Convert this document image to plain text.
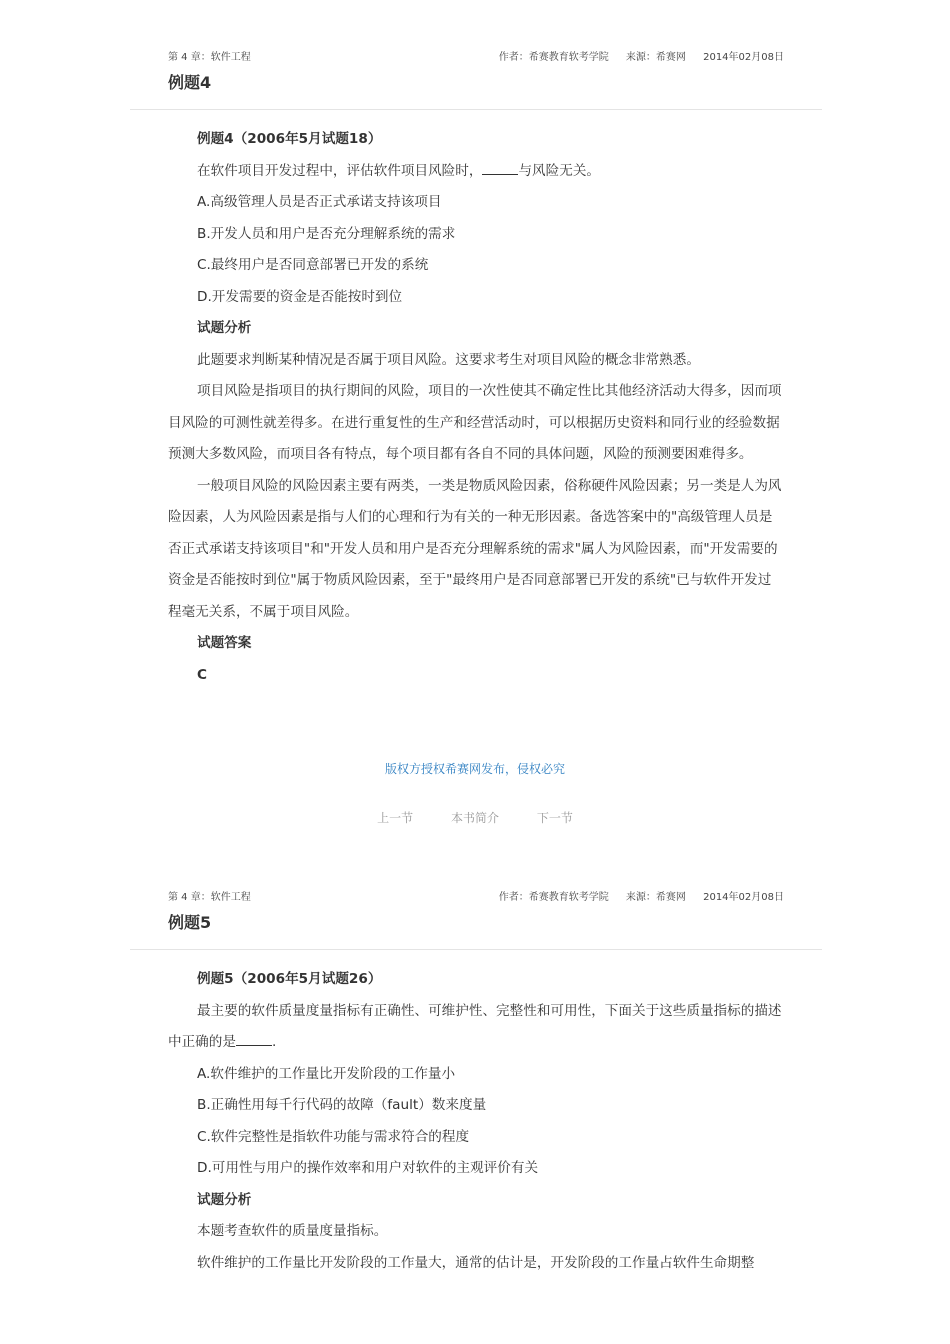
第 4 章：软件工程	作者：希赛教育软考学院 来源：希赛网 2014年02月08日
例题4

例题4（2006年5月试题18）

在软件项目开发过程中，评估软件项目风险时，	与风险无关。

A.高级管理人员是否正式承诺支持该项目

B.开发人员和用户是否充分理解系统的需求

C.最终用户是否同意部署已开发的系统

D.开发需要的资金是否能按时到位

试题分析

此题要求判断某种情况是否属于项目风险。这要求考生对项目风险的概念非常熟悉。

项目风险是指项目的执行期间的风险，项目的一次性使其不确定性比其他经济活动大得多，因而项目风险的可测性就差得多。在进行重复性的生产和经营活动时，可以根据历史资料和同行业的经验数据预测大多数风险，而项目各有特点，每个项目都有各自不同的具体问题，风险的预测要困难得多。

一般项目风险的风险因素主要有两类，一类是物质风险因素，俗称硬件风险因素；另一类是人为风险因素，人为风险因素是指与人们的心理和行为有关的一种无形因素。备选答案中的"高级管理人员是否正式承诺支持该项目"和"开发人员和用户是否充分理解系统的需求"属人为风险因素，而"开发需要的资金是否能按时到位"属于物质风险因素，至于"最终用户是否同意部署已开发的系统"已与软件开发过程毫无关系，不属于项目风险。

试题答案

C

版权方授权希赛网发布，侵权必究
上一节	本书简介	下一节
第 4 章：软件工程	作者：希赛教育软考学院 来源：希赛网 2014年02月08日
例题5

例题5（2006年5月试题26）

最主要的软件质量度量指标有正确性、可维护性、完整性和可用性，下面关于这些质量指标的描述中正确的是	.

A.软件维护的工作量比开发阶段的工作量小

B.正确性用每千行代码的故障（fault）数来度量

C.软件完整性是指软件功能与需求符合的程度

D.可用性与用户的操作效率和用户对软件的主观评价有关

试题分析

本题考查软件的质量度量指标。

软件维护的工作量比开发阶段的工作量大，通常的估计是，开发阶段的工作量占软件生命期整
